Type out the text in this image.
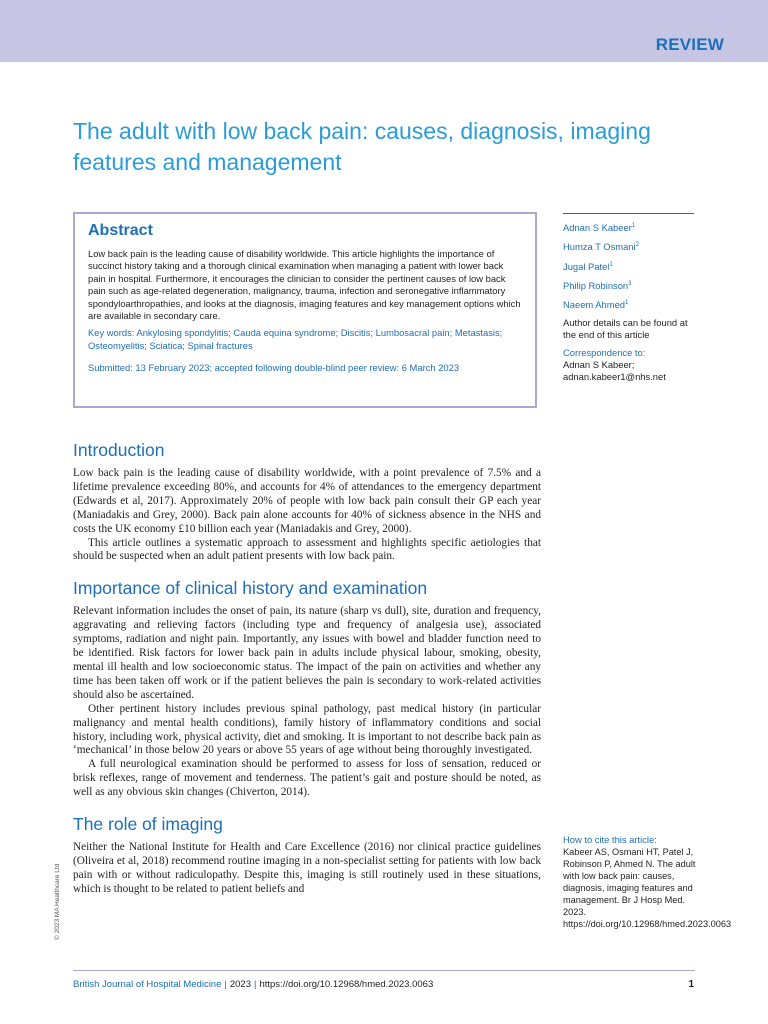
REVIEW
The adult with low back pain: causes, diagnosis, imaging features and management
Abstract

Low back pain is the leading cause of disability worldwide. This article highlights the importance of succinct history taking and a thorough clinical examination when managing a patient with lower back pain in hospital. Furthermore, it encourages the clinician to consider the pertinent causes of low back pain such as age-related degeneration, malignancy, trauma, infection and seronegative inflammatory spondyloarthropathies, and looks at the diagnosis, imaging features and key management options which are available in secondary care.

Key words: Ankylosing spondylitis; Cauda equina syndrome; Discitis; Lumbosacral pain; Metastasis; Osteomyelitis; Sciatica; Spinal fractures

Submitted: 13 February 2023; accepted following double-blind peer review: 6 March 2023

Adnan S Kabeer$^1$
Humza T Osmani$^2$
Jugal Patel$^1$
Philip Robinson$^3$
Naeem Ahmed$^1$

Author details can be found at the end of this article

Correspondence to:

Adnan S Kabeer;

adnan.kabeer1@nhs.net

How to cite this article:

Kabeer AS, Osmani HT, Patel J, Robinson P, Ahmed N. The adult with low back pain: causes, diagnosis, imaging features and management. Br J Hosp Med. 2023. https://doi.org/10.12968/hmed.2023.0063

Introduction

Low back pain is the leading cause of disability worldwide, with a point prevalence of 7.5% and a lifetime prevalence exceeding 80%, and accounts for 4% of attendances to the emergency department (Edwards et al, 2017). Approximately 20% of people with low back pain consult their GP each year (Maniadakis and Grey, 2000). Back pain alone accounts for 40% of sickness absence in the NHS and costs the UK economy £10 billion each year (Maniadakis and Grey, 2000).

This article outlines a systematic approach to assessment and highlights specific aetiologies that should be suspected when an adult patient presents with low back pain.

Importance of clinical history and examination

Relevant information includes the onset of pain, its nature (sharp vs dull), site, duration and frequency, aggravating and relieving factors (including type and frequency of analgesia use), associated symptoms, radiation and night pain. Importantly, any issues with bowel and bladder function need to be identified. Risk factors for lower back pain in adults include physical labour, smoking, obesity, mental ill health and low socioeconomic status. The impact of the pain on activities and whether any time has been taken off work or if the patient believes the pain is secondary to work-related activities should also be ascertained.

Other pertinent history includes previous spinal pathology, past medical history (in particular malignancy and mental health conditions), family history of inflammatory conditions and social history, including work, physical activity, diet and smoking. It is important to not describe back pain as ‘mechanical’ in those below 20 years or above 55 years of age without being thoroughly investigated.

A full neurological examination should be performed to assess for loss of sensation, reduced or brisk reflexes, range of movement and tenderness. The patient’s gait and posture should be noted, as well as any obvious skin changes (Chiverton, 2014).

The role of imaging

Neither the National Institute for Health and Care Excellence (2016) nor clinical practice guidelines (Oliveira et al, 2018) recommend routine imaging in a non-specialist setting for patients with low back pain with or without radiculopathy. Despite this, imaging is still routinely used in these situations, which is thought to be related to patient beliefs and

© 2023 MA Healthcare Ltd
British Journal of Hospital Medicine | 2023 | https://doi.org/10.12968/hmed.2023.0063	1
